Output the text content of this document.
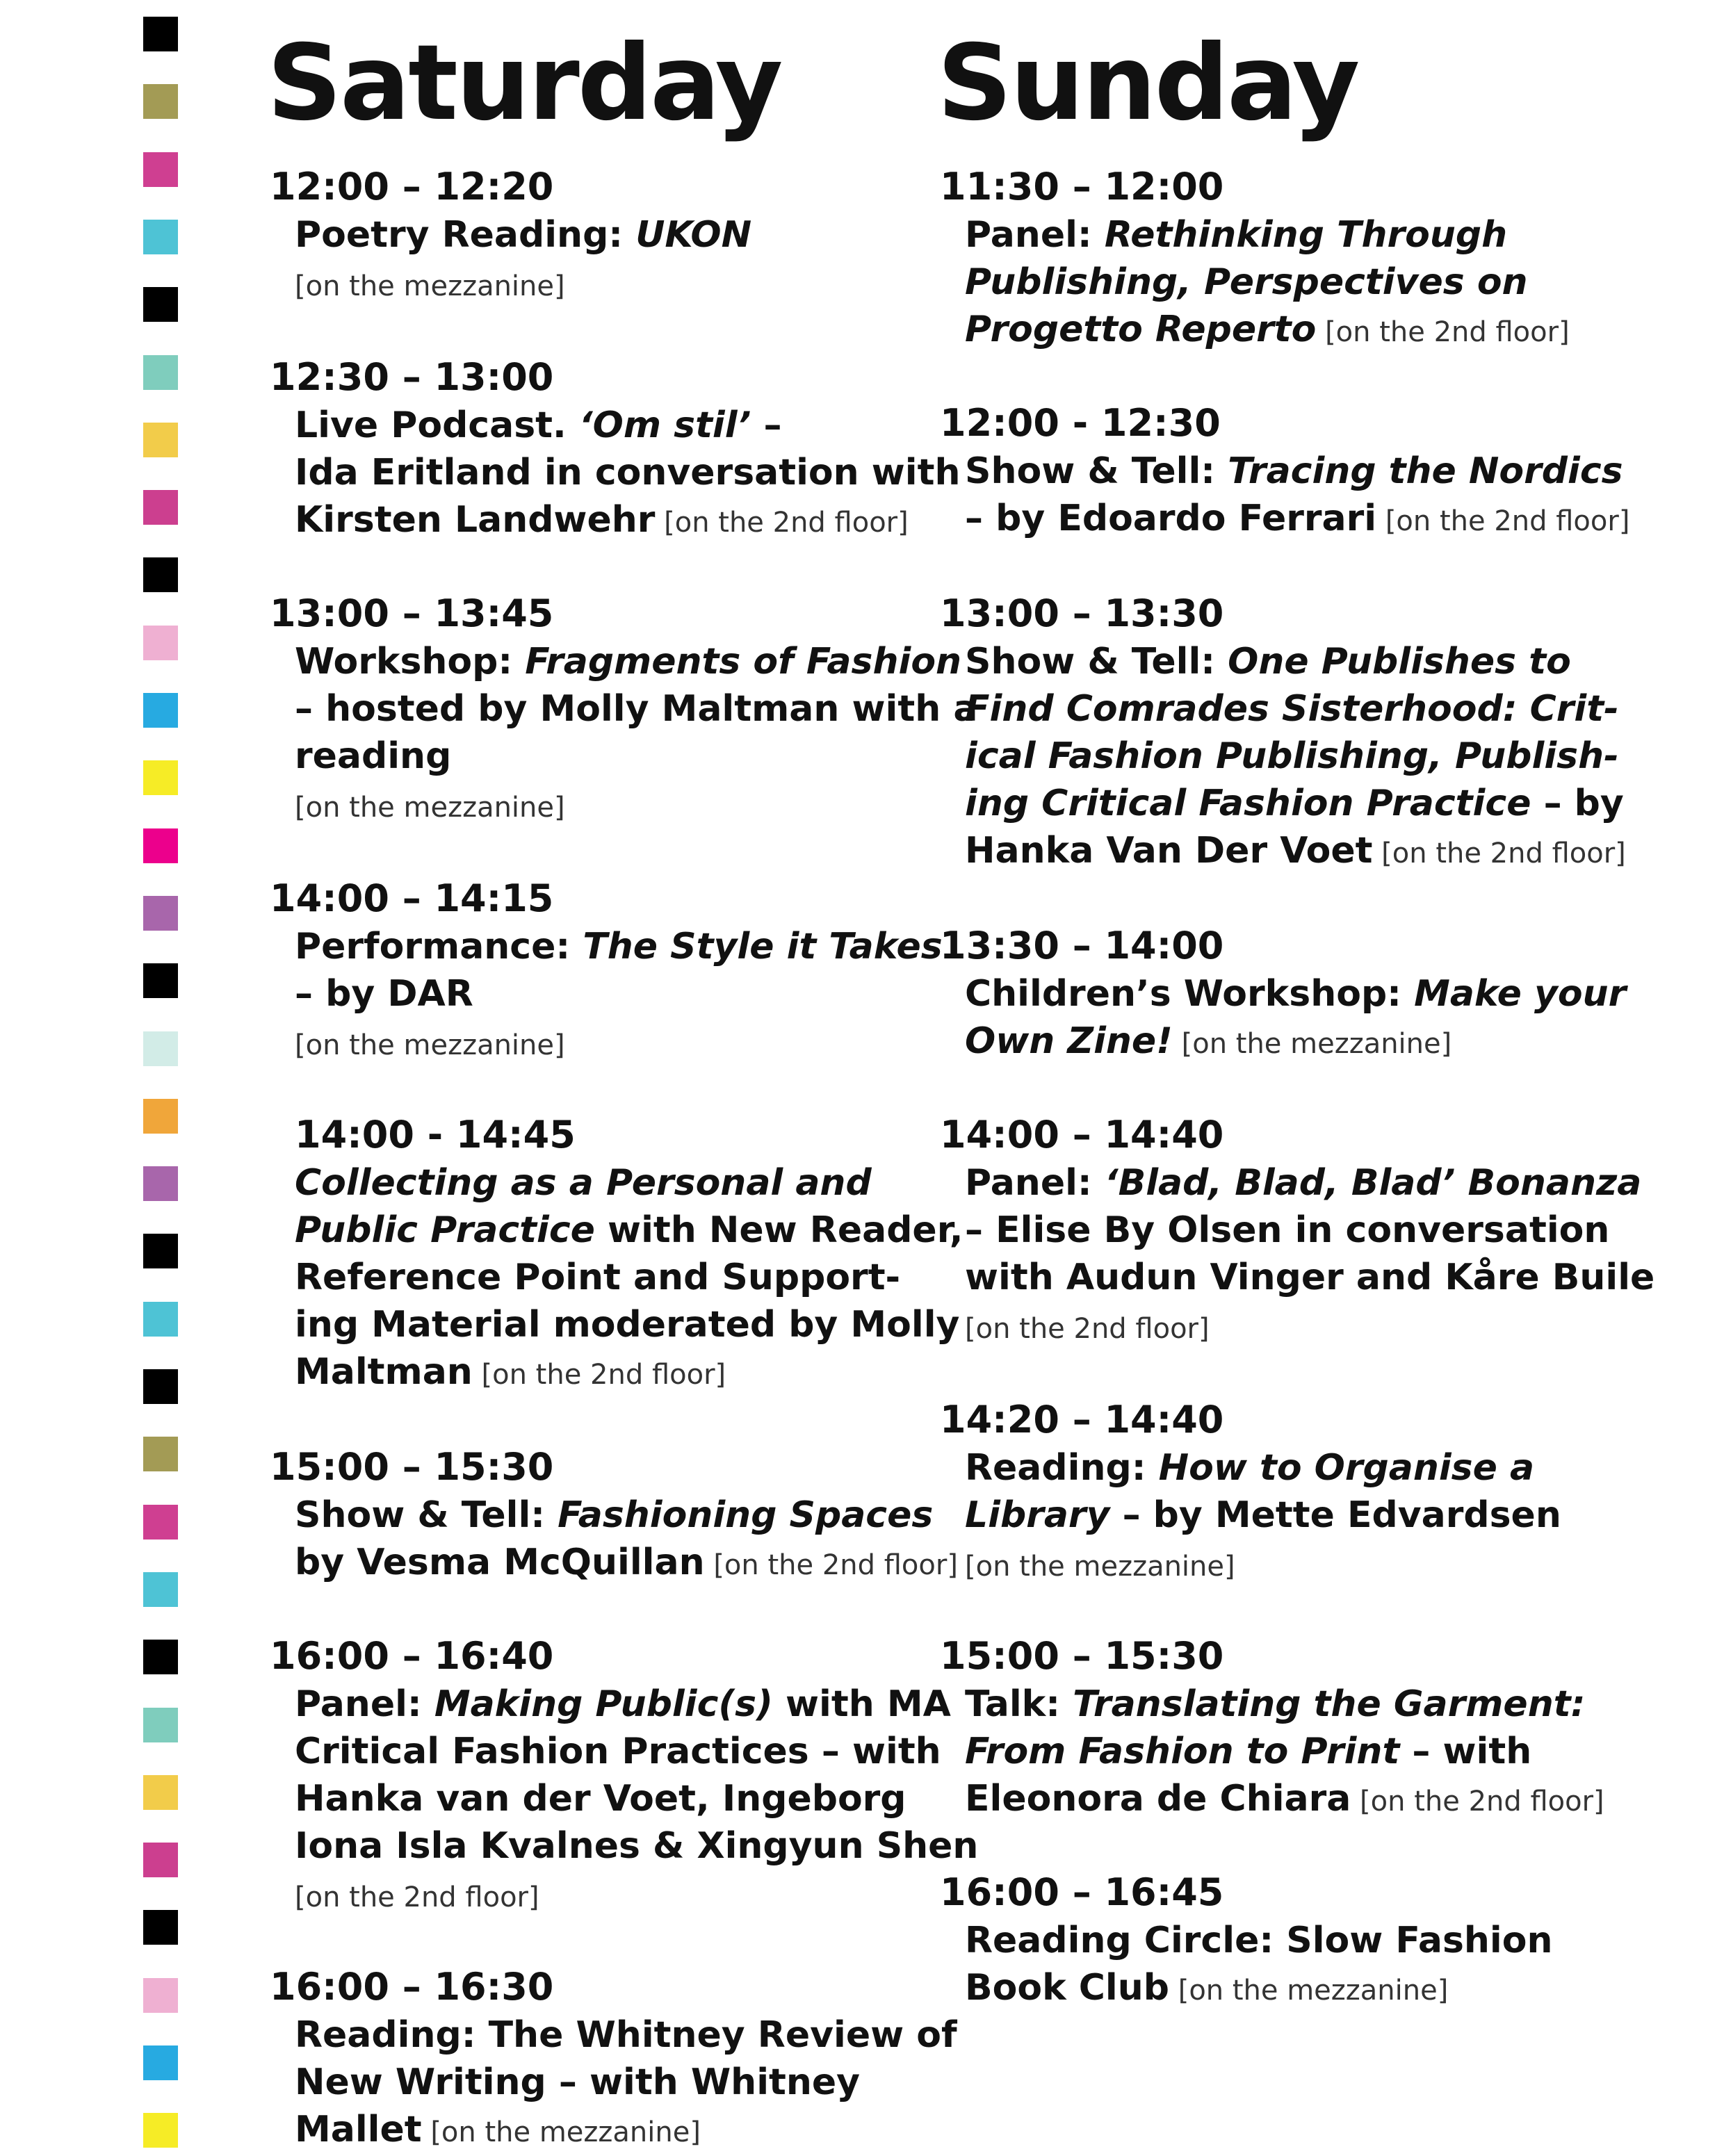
Saturday
12:00 – 12:20
Poetry Reading: UKON
[on the mezzanine]
12:30 – 13:00
Live Podcast. ‘Om stil’ –
Ida Eritland in conversation with
Kirsten Landwehr [on the 2nd floor]
13:00 – 13:45
Workshop: Fragments of Fashion
– hosted by Molly Maltman with a
reading
[on the mezzanine]
14:00 – 14:15
Performance: The Style it Takes
– by DAR
[on the mezzanine]
14:00 - 14:45
Collecting as a Personal and
Public Practice with New Reader,
Reference Point and Support-
ing Material moderated by Molly
Maltman [on the 2nd floor]
15:00 – 15:30
Show & Tell: Fashioning Spaces
by Vesma McQuillan [on the 2nd floor]
16:00 – 16:40
Panel: Making Public(s) with MA
Critical Fashion Practices – with
Hanka van der Voet, Ingeborg
Iona Isla Kvalnes & Xingyun Shen
[on the 2nd floor]
16:00 – 16:30
Reading: The Whitney Review of
New Writing – with Whitney
Mallet [on the mezzanine]
Sunday
11:30 – 12:00
Panel: Rethinking Through
Publishing, Perspectives on
Progetto Reperto [on the 2nd floor]
12:00 - 12:30
Show & Tell: Tracing the Nordics
– by Edoardo Ferrari [on the 2nd floor]
13:00 – 13:30
Show & Tell: One Publishes to
Find Comrades Sisterhood: Crit-
ical Fashion Publishing, Publish-
ing Critical Fashion Practice – by
Hanka Van Der Voet [on the 2nd floor]
13:30 – 14:00
Children’s Workshop: Make your
Own Zine! [on the mezzanine]
14:00 – 14:40
Panel: ‘Blad, Blad, Blad’ Bonanza
– Elise By Olsen in conversation
with Audun Vinger and Kåre Buile
[on the 2nd floor]
14:20 – 14:40
Reading: How to Organise a
Library – by Mette Edvardsen
[on the mezzanine]
15:00 – 15:30
Talk: Translating the Garment:
From Fashion to Print – with
Eleonora de Chiara [on the 2nd floor]
16:00 – 16:45
Reading Circle: Slow Fashion
Book Club [on the mezzanine]
